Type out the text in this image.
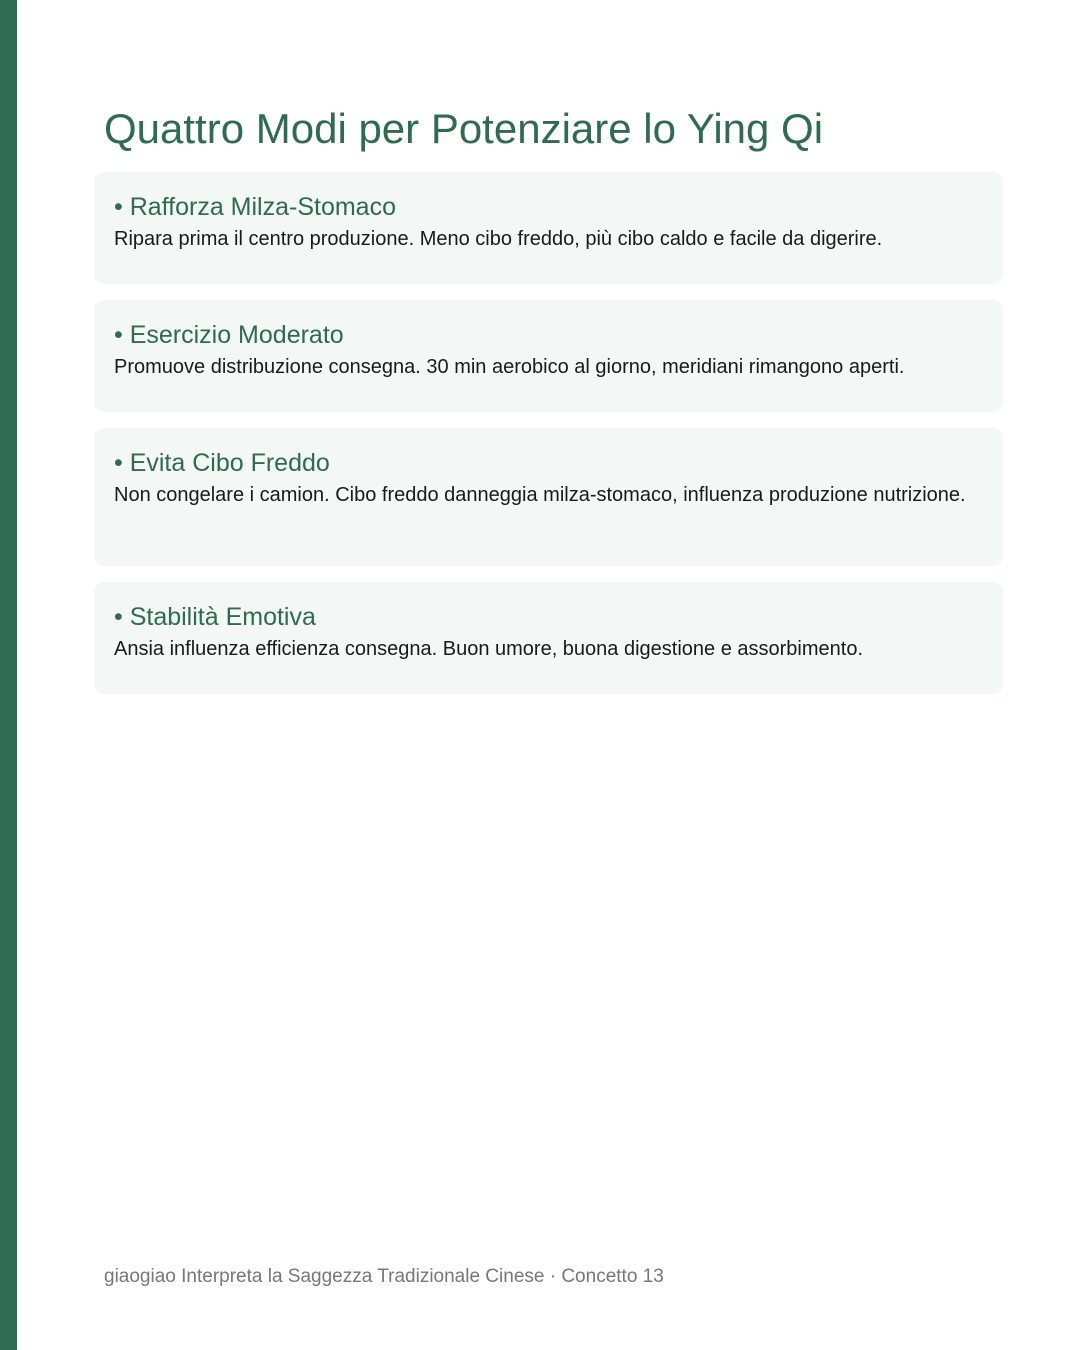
Quattro Modi per Potenziare lo Ying Qi
• Rafforza Milza-Stomaco

Ripara prima il centro produzione. Meno cibo freddo, più cibo caldo e facile da digerire.

• Esercizio Moderato

Promuove distribuzione consegna. 30 min aerobico al giorno, meridiani rimangono aperti.

• Evita Cibo Freddo

Non congelare i camion. Cibo freddo danneggia milza-stomaco, influenza produzione nutrizione.

• Stabilità Emotiva

Ansia influenza efficienza consegna. Buon umore, buona digestione e assorbimento.

giaogiao Interpreta la Saggezza Tradizionale Cinese · Concetto 13
